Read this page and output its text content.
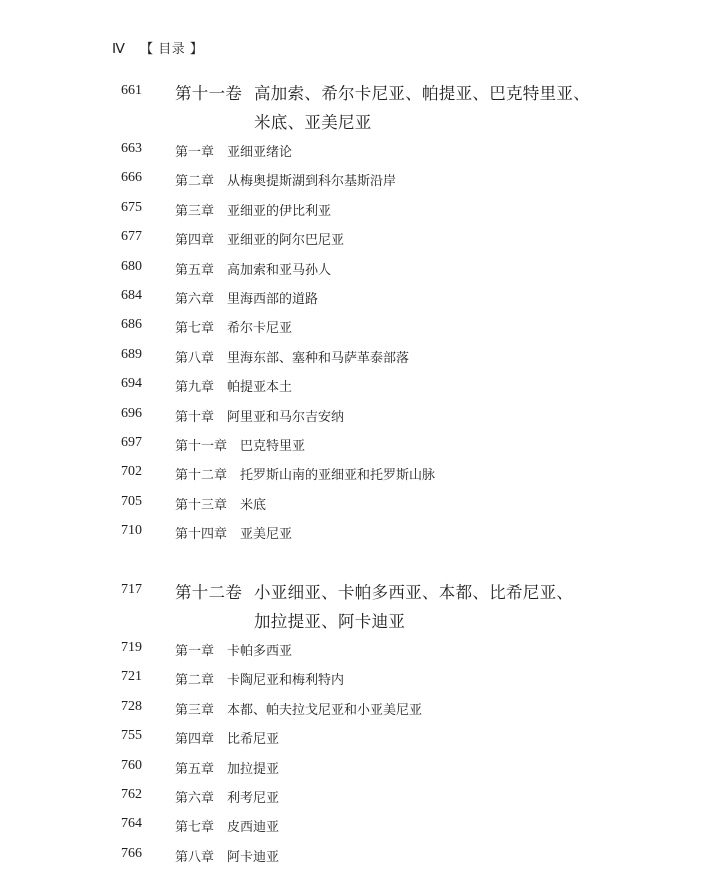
Ⅳ 【 目录 】
661 第十一卷 高加索、希尔卡尼亚、帕提亚、巴克特里亚、
米底、亚美尼亚
663	第一章 亚细亚绪论
666	第二章 从梅奥提斯湖到科尔基斯沿岸
675	第三章 亚细亚的伊比利亚
677	第四章 亚细亚的阿尔巴尼亚
680	第五章 高加索和亚马孙人
684	第六章 里海西部的道路
686	第七章 希尔卡尼亚
689	第八章 里海东部、塞种和马萨革泰部落
694	第九章 帕提亚本土
696	第十章 阿里亚和马尔吉安纳
697	第十一章 巴克特里亚
702	第十二章 托罗斯山南的亚细亚和托罗斯山脉
705	第十三章 米底
710	第十四章 亚美尼亚
717 第十二卷 小亚细亚、卡帕多西亚、本都、比希尼亚、
加拉提亚、阿卡迪亚
719	第一章 卡帕多西亚
721	第二章 卡陶尼亚和梅利特内
728	第三章 本都、帕夫拉戈尼亚和小亚美尼亚
755	第四章 比希尼亚
760	第五章 加拉提亚
762	第六章 利考尼亚
764	第七章 皮西迪亚
766	第八章 阿卡迪亚
